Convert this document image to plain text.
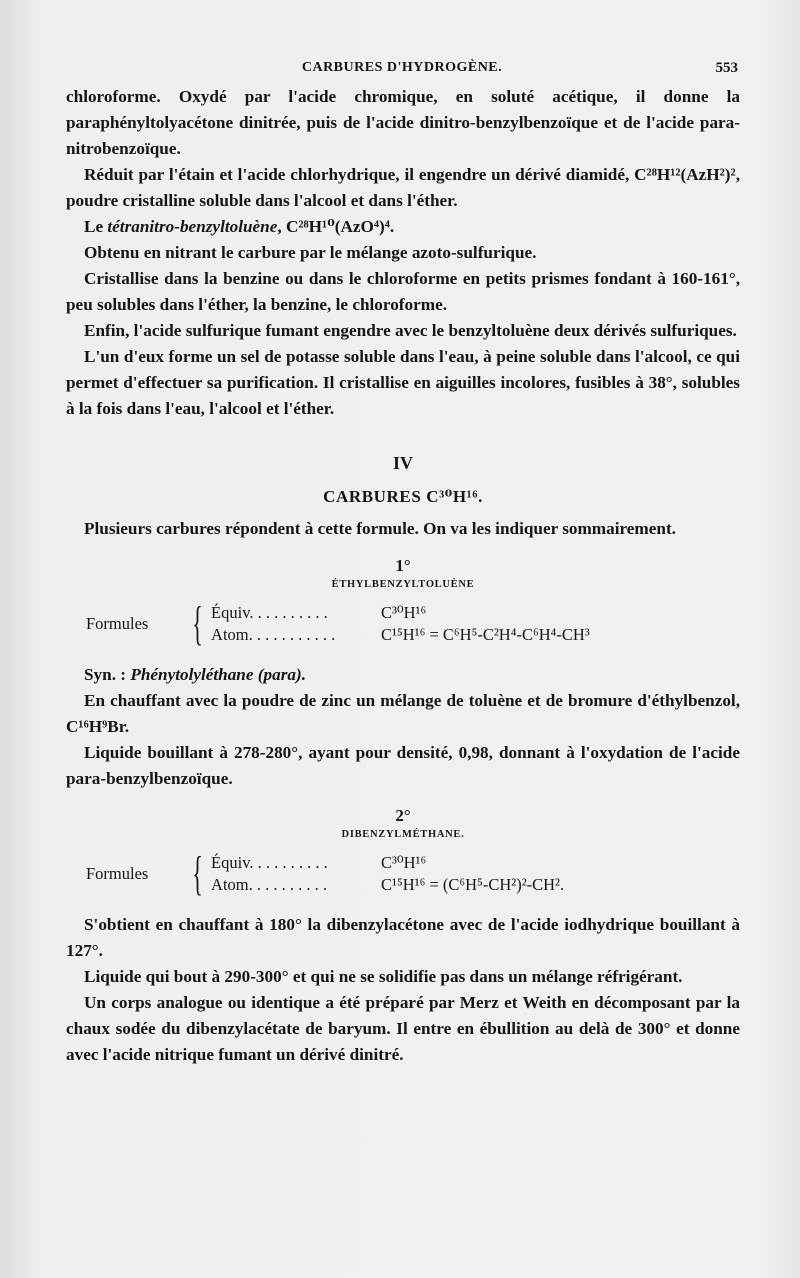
CARBURES D'HYDROGÈNE.	553

chloroforme. Oxydé par l'acide chromique, en soluté acétique, il donne la paraphényltolyacétone dinitrée, puis de l'acide dinitro-benzylbenzoïque et de l'acide para-nitrobenzoïque.

Réduit par l'étain et l'acide chlorhydrique, il engendre un dérivé diamidé, C²⁸H¹²(AzH²)², poudre cristalline soluble dans l'alcool et dans l'éther.

Le tétranitro-benzyltoluène, C²⁸H¹⁰(AzO⁴)⁴.

Obtenu en nitrant le carbure par le mélange azoto-sulfurique.

Cristallise dans la benzine ou dans le chloroforme en petits prismes fondant à 160-161°, peu solubles dans l'éther, la benzine, le chloroforme.

Enfin, l'acide sulfurique fumant engendre avec le benzyltoluène deux dérivés sulfuriques.

L'un d'eux forme un sel de potasse soluble dans l'eau, à peine soluble dans l'alcool, ce qui permet d'effectuer sa purification. Il cristallise en aiguilles incolores, fusibles à 38°, solubles à la fois dans l'eau, l'alcool et l'éther.

IV
CARBURES C³⁰H¹⁶.

Plusieurs carbures répondent à cette formule. On va les indiquer sommairement.

1°
ÉTHYLBENZYLTOLUÈNE
Formules { Équiv. . . . . . . . . .	C³⁰H¹⁶
Atom. . . . . . . . . . .	C¹⁵H¹⁶ = C⁶H⁵-C²H⁴-C⁶H⁴-CH³

Syn. : Phénytolyléthane (para).

En chauffant avec la poudre de zinc un mélange de toluène et de bromure d'éthylbenzol, C¹⁶H⁹Br.

Liquide bouillant à 278-280°, ayant pour densité, 0,98, donnant à l'oxydation de l'acide para-benzylbenzoïque.

2°
DIBENZYLMÉTHANE.
Formules { Équiv. . . . . . . . . .	C³⁰H¹⁶
Atom. . . . . . . . . .	C¹⁵H¹⁶ = (C⁶H⁵-CH²)²-CH².

S'obtient en chauffant à 180° la dibenzylacétone avec de l'acide iodhydrique bouillant à 127°.

Liquide qui bout à 290-300° et qui ne se solidifie pas dans un mélange réfrigérant.

Un corps analogue ou identique a été préparé par Merz et Weith en décomposant par la chaux sodée du dibenzylacétate de baryum. Il entre en ébullition au delà de 300° et donne avec l'acide nitrique fumant un dérivé dinitré.
